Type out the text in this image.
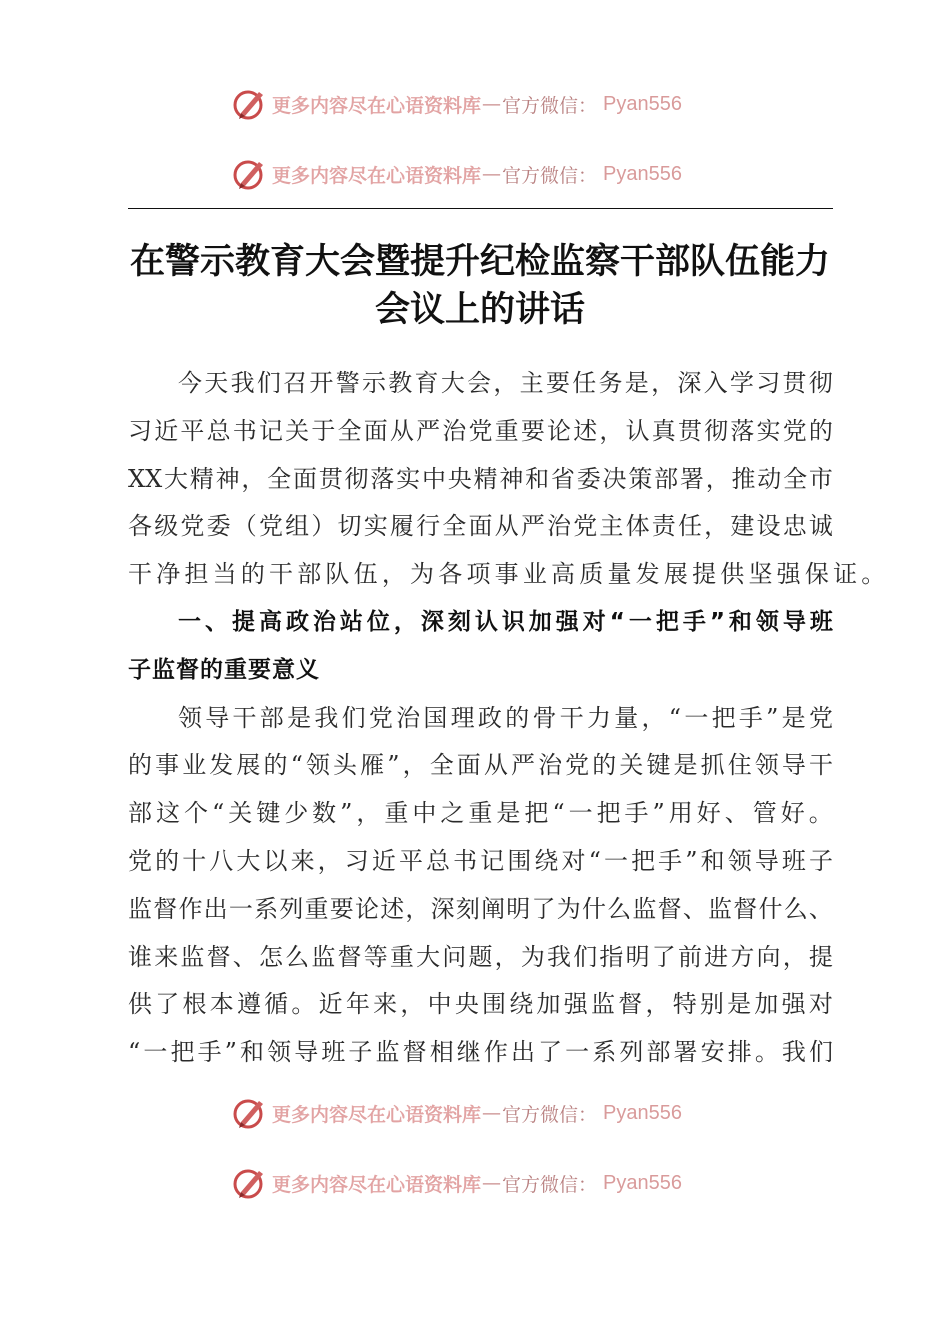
更多内容尽在心语资料库 — 官方微信： Pyan556
更多内容尽在心语资料库 — 官方微信： Pyan556
在警示教育大会暨提升纪检监察干部队伍能力
会议上的讲话
今 天 我 们 召 开 警 示 教 育 大 会 ， 主 要 任 务 是 ， 深 入 学 习 贯 彻
习 近 平 总 书 记 关 于 全 面 从 严 治 党 重 要 论 述 ， 认 真 贯 彻 落 实 党 的
XX 大 精 神 ， 全 面 贯 彻 落 实 中 央 精 神 和 省 委 决 策 部 署 ， 推 动 全 市
各 级 党 委 （ 党 组 ） 切 实 履 行 全 面 从 严 治 党 主 体 责 任 ， 建 设 忠 诚
干 净 担 当 的 干 部 队 伍 ， 为 各 项 事 业 高 质 量 发 展 提 供 坚 强 保 证 。
一 、 提 高 政 治 站 位 ， 深 刻 认 识 加 强 对 “ 一 把 手 ” 和 领 导 班
子 监 督 的 重 要 意 义
领 导 干 部 是 我 们 党 治 国 理 政 的 骨 干 力 量 ， “ 一 把 手 ” 是 党
的 事 业 发 展 的 “ 领 头 雁 ” ， 全 面 从 严 治 党 的 关 键 是 抓 住 领 导 干
部 这 个 “ 关 键 少 数 ” ， 重 中 之 重 是 把 “ 一 把 手 ” 用 好 、 管 好 。
党 的 十 八 大 以 来 ， 习 近 平 总 书 记 围 绕 对 “ 一 把 手 ” 和 领 导 班 子
监 督 作 出 一 系 列 重 要 论 述 ， 深 刻 阐 明 了 为 什 么 监 督 、 监 督 什 么 、
谁 来 监 督 、 怎 么 监 督 等 重 大 问 题 ， 为 我 们 指 明 了 前 进 方 向 ， 提
供 了 根 本 遵 循 。 近 年 来 ， 中 央 围 绕 加 强 监 督 ， 特 别 是 加 强 对
“ 一 把 手 ” 和 领 导 班 子 监 督 相 继 作 出 了 一 系 列 部 署 安 排 。 我 们
更多内容尽在心语资料库 — 官方微信： Pyan556
更多内容尽在心语资料库 — 官方微信： Pyan556
